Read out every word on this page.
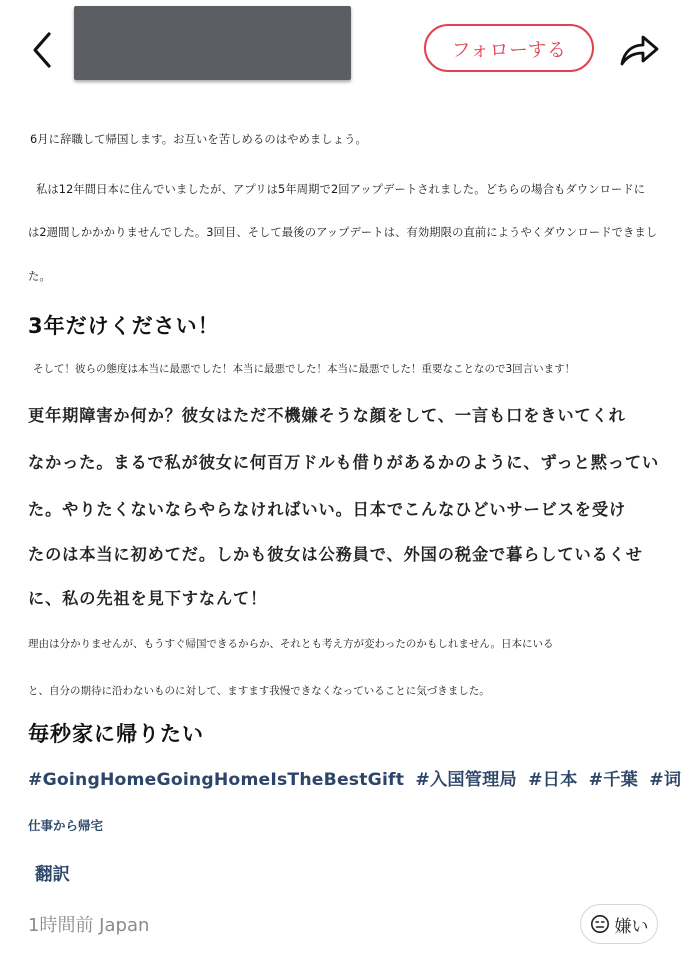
フォローする
6月に辞職して帰国します。お互いを苦しめるのはやめましょう。
私は12年間日本に住んでいましたが、アプリは5年周期で2回アップデートされました。どちらの場合もダウンロードに
は2週間しかかかりませんでした。3回目、そして最後のアップデートは、有効期限の直前にようやくダウンロードできまし
た。
3年だけください！
そして！彼らの態度は本当に最悪でした！本当に最悪でした！本当に最悪でした！重要なことなので3回言います！
更年期障害か何か？彼女はただ不機嫌そうな顔をして、一言も口をきいてくれ
なかった。まるで私が彼女に何百万ドルも借りがあるかのように、ずっと黙ってい
た。やりたくないならやらなければいい。日本でこんなひどいサービスを受け
たのは本当に初めてだ。しかも彼女は公務員で、外国の税金で暮らしているくせ
に、私の先祖を見下すなんて！
理由は分かりませんが、もうすぐ帰国できるからか、それとも考え方が変わったのかもしれません。日本にいる
と、自分の期待に沿わないものに対して、ますます我慢できなくなっていることに気づきました。
毎秒家に帰りたい
#GoingHomeGoingHomeIsTheBestGift #入国管理局 #日本 #千葉 #词
仕事から帰宅
翻訳
1時間前 Japan	嫌い
